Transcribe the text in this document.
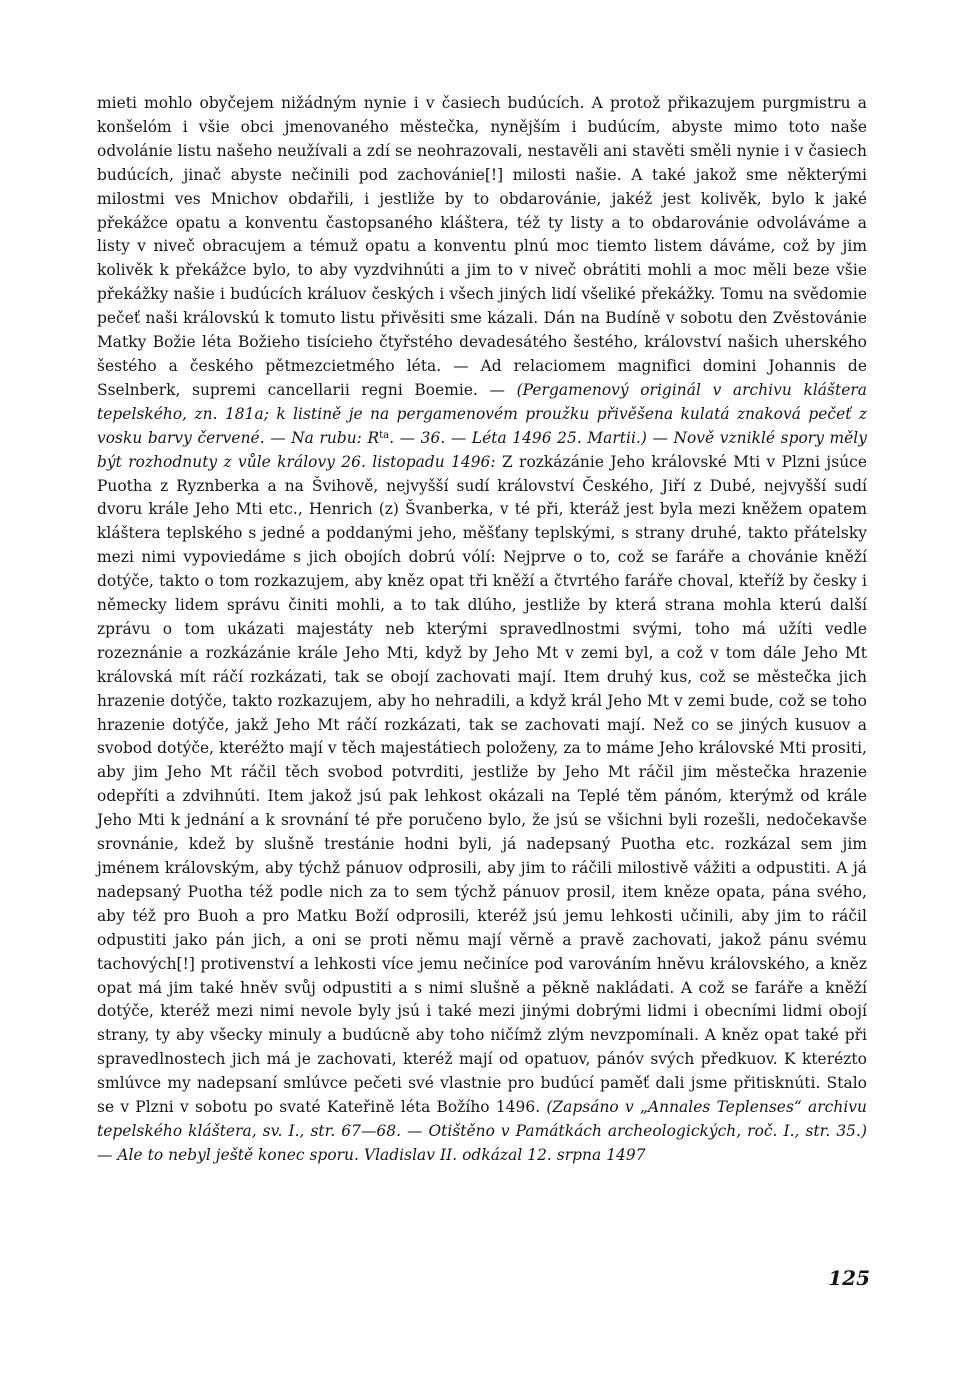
mieti mohlo obyčejem nižádným nynie i v časiech budúcích. A protož přikazujem purgmistru a konšelóm i všie obci jmenovaného městečka, nynějším i budúcím, abyste mimo toto naše odvolánie listu našeho neužívali a zdí se neohrazovali, nestavěli ani stavěti směli nynie i v časiech budúcích, jinač abyste nečinili pod zachovánie[!] milosti našie. A také jakož sme některými milostmi ves Mnichov obdařili, i jestliže by to obdarovánie, jakéž jest kolivěk, bylo k jaké překážce opatu a konventu častopsaného kláštera, též ty listy a to obdarovánie odvoláváme a listy v niveč obracujem a témuž opatu a konventu plnú moc tiemto listem dáváme, což by jim kolivěk k překážce bylo, to aby vyzdvihnúti a jim to v niveč obrátiti mohli a moc měli beze všie překážky našie i budúcích králuov českých i všech jiných lidí všeliké překážky. Tomu na svědomie pečeť naši královskú k tomuto listu přivěsiti sme kázali. Dán na Budíně v sobotu den Zvěstovánie Matky Božie léta Božieho tisícieho čtyřstého devadesátého šestého, království našich uherského šestého a českého pětmezcietmého léta. — Ad relaciomem magnifici domini Johannis de Sselnberk, supremi cancellarii regni Boemie. — (Pergamenový originál v archivu kláštera tepelského, zn. 181a; k listině je na pergamenovém proužku přivěšena kulatá znaková pečeť z vosku barvy červené. — Na rubu: $R^{ta}$. — 36. — Léta 1496 25. Martii.) — Nově vzniklé spory měly být rozhodnuty z vůle královy 26. listopadu 1496: Z rozkázánie Jeho královské Mti v Plzni jsúce Puotha z Ryznberka a na Švihově, nejvyšší sudí království Českého, Jiří z Dubé, nejvyšší sudí dvoru krále Jeho Mti etc., Henrich (z) Švanberka, v té při, kteráž jest byla mezi kněžem opatem kláštera teplského s jedné a poddanými jeho, měšťany teplskými, s strany druhé, takto přátelsky mezi nimi vypoviedáme s jich obojích dobrú vólí: Nejprve o to, což se faráře a chovánie kněží dotýče, takto o tom rozkazujem, aby kněz opat tři kněží a čtvrtého faráře choval, kteříž by česky i německy lidem správu činiti mohli, a to tak dlúho, jestliže by která strana mohla kterú další zprávu o tom ukázati majestáty neb kterými spravedlnostmi svými, toho má užíti vedle rozeznánie a rozkázánie krále Jeho Mti, když by Jeho Mt v zemi byl, a což v tom dále Jeho Mt královská mít ráčí rozkázati, tak se obojí zachovati mají. Item druhý kus, což se městečka jich hrazenie dotýče, takto rozkazujem, aby ho nehradili, a když král Jeho Mt v zemi bude, což se toho hrazenie dotýče, jakž Jeho Mt ráčí rozkázati, tak se zachovati mají. Než co se jiných kusuov a svobod dotýče, kteréžto mají v těch majestátiech položeny, za to máme Jeho královské Mti prositi, aby jim Jeho Mt ráčil těch svobod potvrditi, jestliže by Jeho Mt ráčil jim městečka hrazenie odepříti a zdvihnúti. Item jakož jsú pak lehkost okázali na Teplé těm pánóm, kterýmž od krále Jeho Mti k jednání a k srovnání té pře poručeno bylo, že jsú se všichni byli rozešli, nedočekavše srovnánie, kdež by slušně trestánie hodni byli, já nadepsaný Puotha etc. rozkázal sem jim jménem královským, aby týchž pánuov odprosili, aby jim to ráčili milostivě vážiti a odpustiti. A já nadepsaný Puotha též podle nich za to sem týchž pánuov prosil, item kněze opata, pána svého, aby též pro Buoh a pro Matku Boží odprosili, kteréž jsú jemu lehkosti učinili, aby jim to ráčil odpustiti jako pán jich, a oni se proti němu mají věrně a pravě zachovati, jakož pánu svému tachových[!] protivenství a lehkosti více jemu nečiníce pod varováním hněvu královského, a kněz opat má jim také hněv svůj odpustiti a s nimi slušně a pěkně nakládati. A což se faráře a kněží dotýče, kteréž mezi nimi nevole byly jsú i také mezi jinými dobrými lidmi i obecními lidmi obojí strany, ty aby všecky minuly a budúcně aby toho ničímž zlým nevzpomínali. A kněz opat také při spravedlnostech jich má je zachovati, kteréž mají od opatuov, pánóv svých předkuov. K kterézto smlúvce my nadepsaní smlúvce pečeti své vlastnie pro budúcí paměť dali jsme přitisknúti. Stalo se v Plzni v sobotu po svaté Kateřině léta Božího 1496. (Zapsáno v „Annales Teplenses“ archivu tepelského kláštera, sv. I., str. 67—68. — Otištěno v Památkách archeologických, roč. I., str. 35.) — Ale to nebyl ještě konec sporu. Vladislav II. odkázal 12. srpna 1497

125
